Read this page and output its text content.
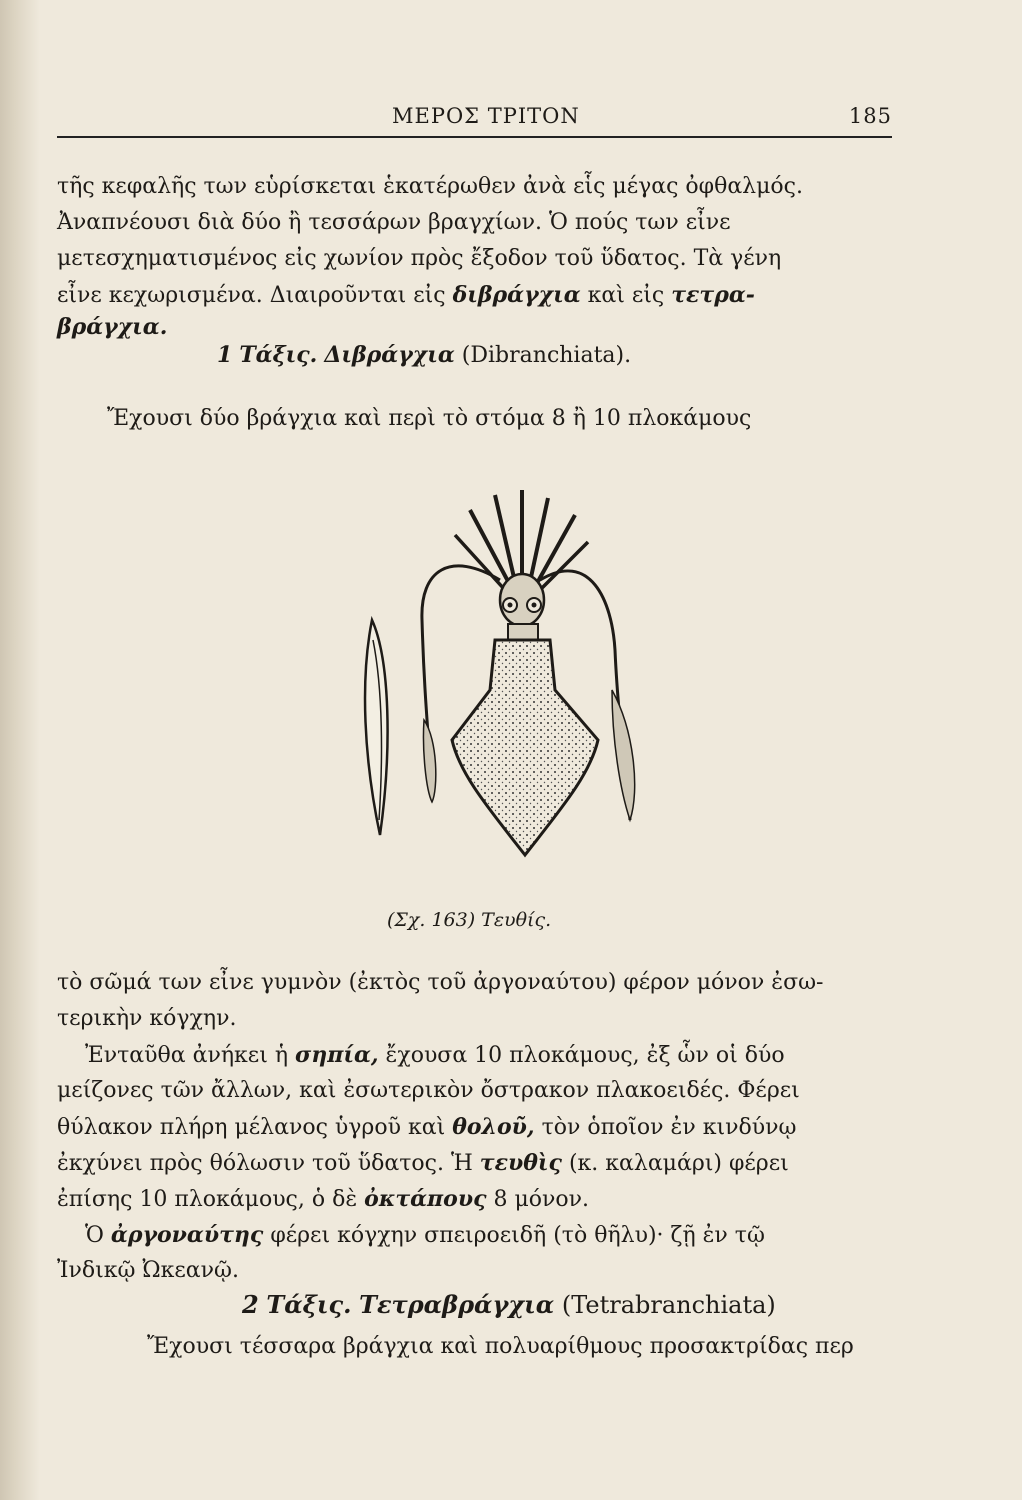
ΜΕΡΟΣ ΤΡΙΤΟΝ	185
τῆς κεφαλῆς των εὑρίσκεται ἑκατέρωθεν ἀνὰ εἷς μέγας ὀφθαλμός.
Ἀναπνέουσι διὰ δύο ἢ τεσσάρων βραγχίων. Ὁ πούς των εἶνε
μετεσχηματισμένος εἰς χωνίον πρὸς ἔξοδον τοῦ ὕδατος. Τὰ γένη
εἶνε κεχωρισμένα. Διαιροῦνται εἰς διβράγχια καὶ εἰς τετρα-
βράγχια.
1 Τάξις. Διβράγχια (Dibranchiata).
Ἔχουσι δύο βράγχια καὶ περὶ τὸ στόμα 8 ἢ 10 πλοκάμους
(Σχ. 163) Τευθίς.
τὸ σῶμά των εἶνε γυμνὸν (ἐκτὸς τοῦ ἀργοναύτου) φέρον μόνον ἐσω-
τερικὴν κόγχην.
Ἐνταῦθα ἀνήκει ἡ σηπία, ἔχουσα 10 πλοκάμους, ἐξ ὧν οἱ δύο
μείζονες τῶν ἄλλων, καὶ ἐσωτερικὸν ὄστρακον πλακοειδές. Φέρει
θύλακον πλήρη μέλανος ὑγροῦ καὶ θολοῦ, τὸν ὁποῖον ἐν κινδύνῳ
ἐκχύνει πρὸς θόλωσιν τοῦ ὕδατος. Ἡ τευθὶς (κ. καλαμάρι) φέρει
ἐπίσης 10 πλοκάμους, ὁ δὲ ὀκτάπους 8 μόνον.
Ὁ ἀργοναύτης φέρει κόγχην σπειροειδῆ (τὸ θῆλυ)· ζῇ ἐν τῷ
Ἰνδικῷ Ὠκεανῷ.
2 Τάξις. Τετραβράγχια (Tetrabranchiata)
Ἔχουσι τέσσαρα βράγχια καὶ πολυαρίθμους προσακτρίδας περ
